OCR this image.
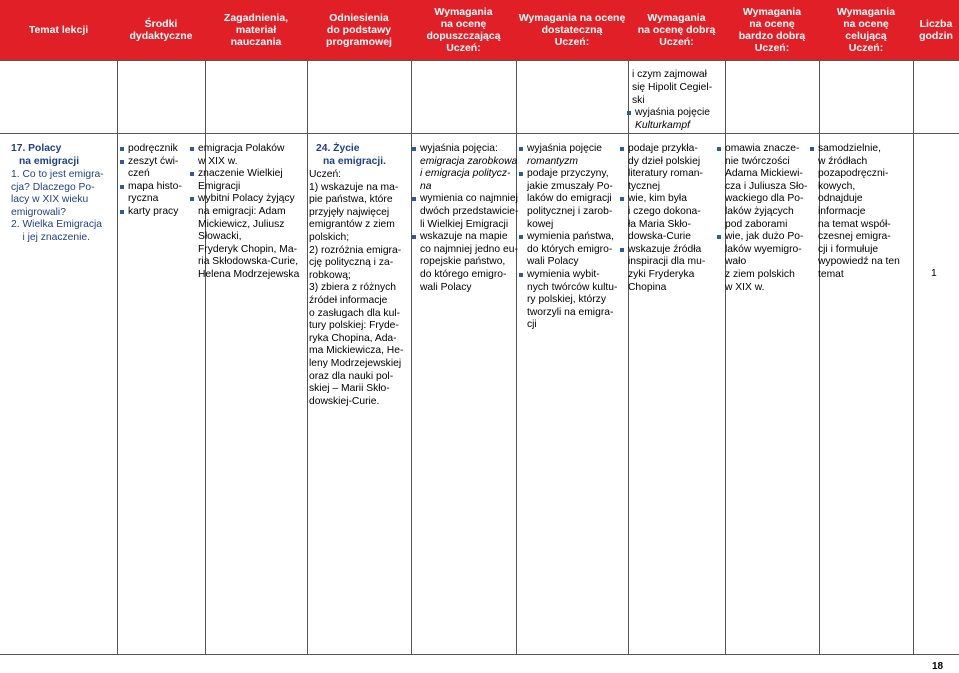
Temat lekcji	Środki
dydaktyczne
Zagadnienia,
materiał
nauczania
Odniesienia
do podstawy
programowej
Wymagania
na ocenę
dopuszczającą
Uczeń:
Wymagania na ocenę
dostateczną
Uczeń:
Wymagania
na ocenę dobrą
Uczeń:
Wymagania
na ocenę
bardzo dobrą
Uczeń:
Wymagania
na ocenę
celującą
Uczeń:
Liczba
godzin
i czym zajmował
się Hipolit Cegiel-
ski
wyjaśnia pojęcie
Kulturkampf
17. Polacy
na emigracji
1. Co to jest emigra-
cja? Dlaczego Po-
lacy w XIX wieku
emigrowali?
2. Wielka Emigracja
i jej znaczenie.
podręcznik
zeszyt ćwi-
czeń
mapa histo-
ryczna
karty pracy
emigracja Polaków
w XIX w.
znaczenie Wielkiej
Emigracji
wybitni Polacy żyjący
na emigracji: Adam
Mickiewicz, Juliusz
Słowacki,
Fryderyk Chopin, Ma-
ria Skłodowska-Curie,
Helena Modrzejewska
24. Życie
na emigracji.
Uczeń:
1) wskazuje na ma-
pie państwa, które
przyjęły najwięcej
emigrantów z ziem
polskich;
2) rozróżnia emigra-
cję polityczną i za-
robkową;
3) zbiera z różnych
źródeł informacje
o zasługach dla kul-
tury polskiej: Fryde-
ryka Chopina, Ada-
ma Mickiewicza, He-
leny Modrzejewskiej
oraz dla nauki pol-
skiej – Marii Skło-
dowskiej-Curie.
wyjaśnia pojęcia:
emigracja zarobkowa
i emigracja politycz-
na
wymienia co najmniej
dwóch przedstawicie-
li Wielkiej Emigracji
wskazuje na mapie
co najmniej jedno eu-
ropejskie państwo,
do którego emigro-
wali Polacy
wyjaśnia pojęcie
romantyzm
podaje przyczyny,
jakie zmuszały Po-
laków do emigracji
politycznej i zarob-
kowej
wymienia państwa,
do których emigro-
wali Polacy
wymienia wybit-
nych twórców kultu-
ry polskiej, którzy
tworzyli na emigra-
cji
podaje przykła-
dy dzieł polskiej
literatury roman-
tycznej
wie, kim była
i czego dokona-
ła Maria Skło-
dowska-Curie
wskazuje źródła
inspiracji dla mu-
zyki Fryderyka
Chopina
omawia znacze-
nie twórczości
Adama Mickiewi-
cza i Juliusza Sło-
wackiego dla Po-
laków żyjących
pod zaborami
wie, jak dużo Po-
laków wyemigro-
wało
z ziem polskich
w XIX w.
samodzielnie,
w źródłach
pozapodręczni-
kowych,
odnajduje
informacje
na temat współ-
czesnej emigra-
cji i formułuje
wypowiedź na ten
temat	1
18
